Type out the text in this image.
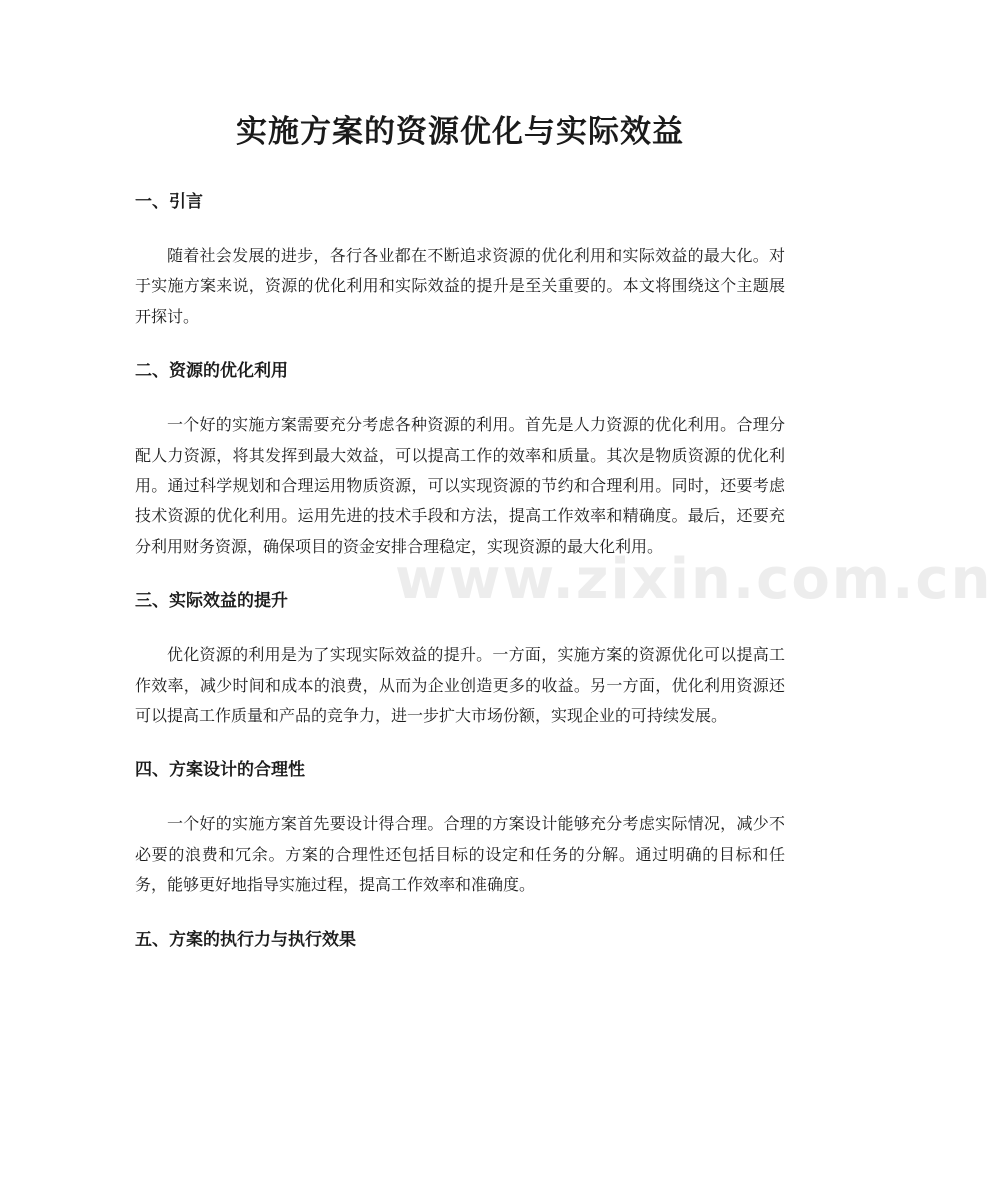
实施方案的资源优化与实际效益
一、引言

随着社会发展的进步，各行各业都在不断追求资源的优化利用和实际效益的最大化。对于实施方案来说，资源的优化利用和实际效益的提升是至关重要的。本文将围绕这个主题展开探讨。

二、资源的优化利用

一个好的实施方案需要充分考虑各种资源的利用。首先是人力资源的优化利用。合理分配人力资源，将其发挥到最大效益，可以提高工作的效率和质量。其次是物质资源的优化利用。通过科学规划和合理运用物质资源，可以实现资源的节约和合理利用。同时，还要考虑技术资源的优化利用。运用先进的技术手段和方法，提高工作效率和精确度。最后，还要充分利用财务资源，确保项目的资金安排合理稳定，实现资源的最大化利用。

三、实际效益的提升

优化资源的利用是为了实现实际效益的提升。一方面，实施方案的资源优化可以提高工作效率，减少时间和成本的浪费，从而为企业创造更多的收益。另一方面，优化利用资源还可以提高工作质量和产品的竞争力，进一步扩大市场份额，实现企业的可持续发展。

四、方案设计的合理性

一个好的实施方案首先要设计得合理。合理的方案设计能够充分考虑实际情况，减少不必要的浪费和冗余。方案的合理性还包括目标的设定和任务的分解。通过明确的目标和任务，能够更好地指导实施过程，提高工作效率和准确度。

五、方案的执行力与执行效果
www.zixin.com.cn
